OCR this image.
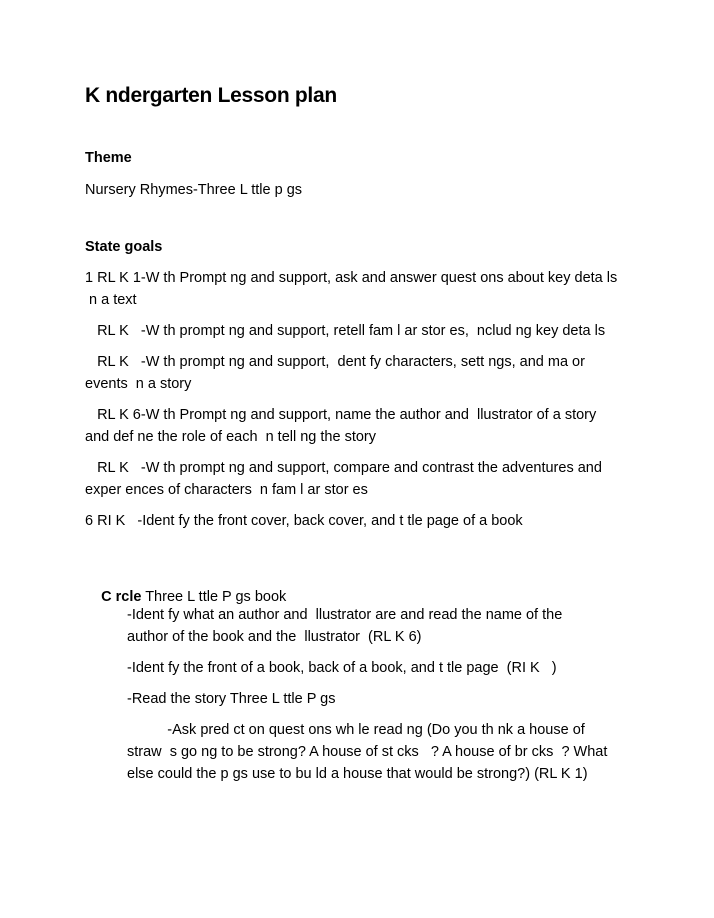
K ndergarten Lesson plan
Theme
Nursery Rhymes-Three L ttle p gs
State goals
1 RL K 1-W th Prompt ng and support, ask and answer quest ons about key deta ls
n a text
RL K   -W th prompt ng and support, retell fam l ar stor es,  nclud ng key deta ls
RL K   -W th prompt ng and support,  dent fy characters, sett ngs, and ma or
events  n a story
RL K 6-W th Prompt ng and support, name the author and  llustrator of a story
and def ne the role of each  n tell ng the story
RL K   -W th prompt ng and support, compare and contrast the adventures and
exper ences of characters  n fam l ar stor es
6 RI K   -Ident fy the front cover, back cover, and t tle page of a book

C rcle Three L ttle P gs book

-Ident fy what an author and  llustrator are and read the name of the
author of the book and the  llustrator  (RL K 6)
-Ident fy the front of a book, back of a book, and t tle page  (RI K   )
-Read the story Three L ttle P gs
-Ask pred ct on quest ons wh le read ng (Do you th nk a house of
straw  s go ng to be strong? A house of st cks   ? A house of br cks  ? What
else could the p gs use to bu ld a house that would be strong?) (RL K 1)
